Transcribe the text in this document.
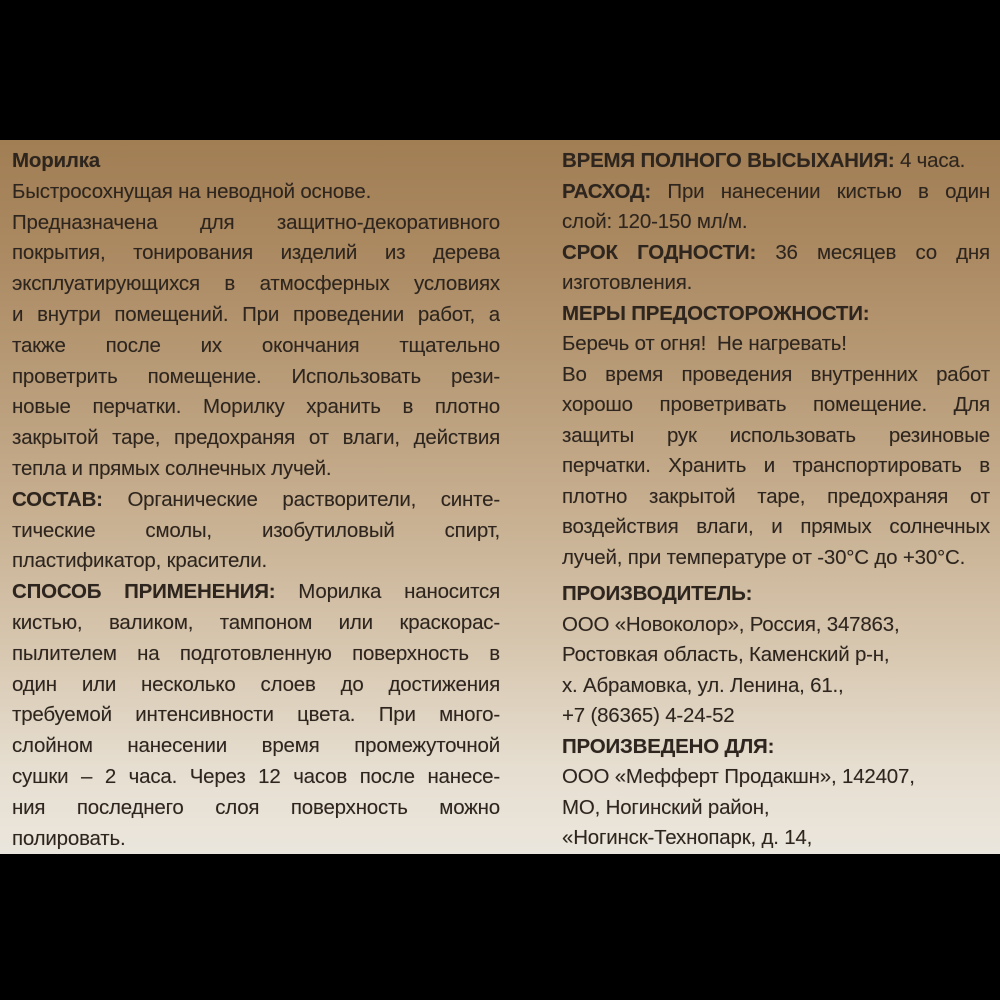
Морилка
Быстросохнущая на неводной основе.
Предназначена для защитно-декоративного
покрытия, тонирования изделий из дерева
эксплуатирующихся в атмосферных условиях
и внутри помещений. При проведении работ, а
также после их окончания тщательно
проветрить помещение. Использовать рези-
новые перчатки. Морилку хранить в плотно
закрытой таре, предохраняя от влаги, действия
тепла и прямых солнечных лучей.
СОСТАВ: Органические растворители, синте-
тические смолы, изобутиловый спирт,
пластификатор, красители.
СПОСОБ ПРИМЕНЕНИЯ: Морилка наносится
кистью, валиком, тампоном или краскорас-
пылителем на подготовленную поверхность в
один или несколько слоев до достижения
требуемой интенсивности цвета. При много-
слойном нанесении время промежуточной
сушки – 2 часа. Через 12 часов после нанесе-
ния последнего слоя поверхность можно
полировать.
ВРЕМЯ ПОЛНОГО ВЫСЫХАНИЯ: 4 часа.
РАСХОД: При нанесении кистью в один
слой: 120-150 мл/м.
СРОК ГОДНОСТИ: 36 месяцев со дня
изготовления.
МЕРЫ ПРЕДОСТОРОЖНОСТИ:
Беречь от огня!  Не нагревать!
Во время проведения внутренних работ
хорошо проветривать помещение. Для
защиты рук использовать резиновые
перчатки. Хранить и транспортировать в
плотно закрытой таре, предохраняя от
воздействия влаги, и прямых солнечных
лучей, при температуре от -30°С до +30°С.
ПРОИЗВОДИТЕЛЬ:
ООО «Новоколор», Россия, 347863,
Ростовкая область, Каменский р-н,
х. Абрамовка, ул. Ленина, 61.,
+7 (86365) 4-24-52
ПРОИЗВЕДЕНО ДЛЯ:
ООО «Мефферт Продакшн», 142407,
МО, Ногинский район,
«Ногинск-Технопарк, д. 14,
